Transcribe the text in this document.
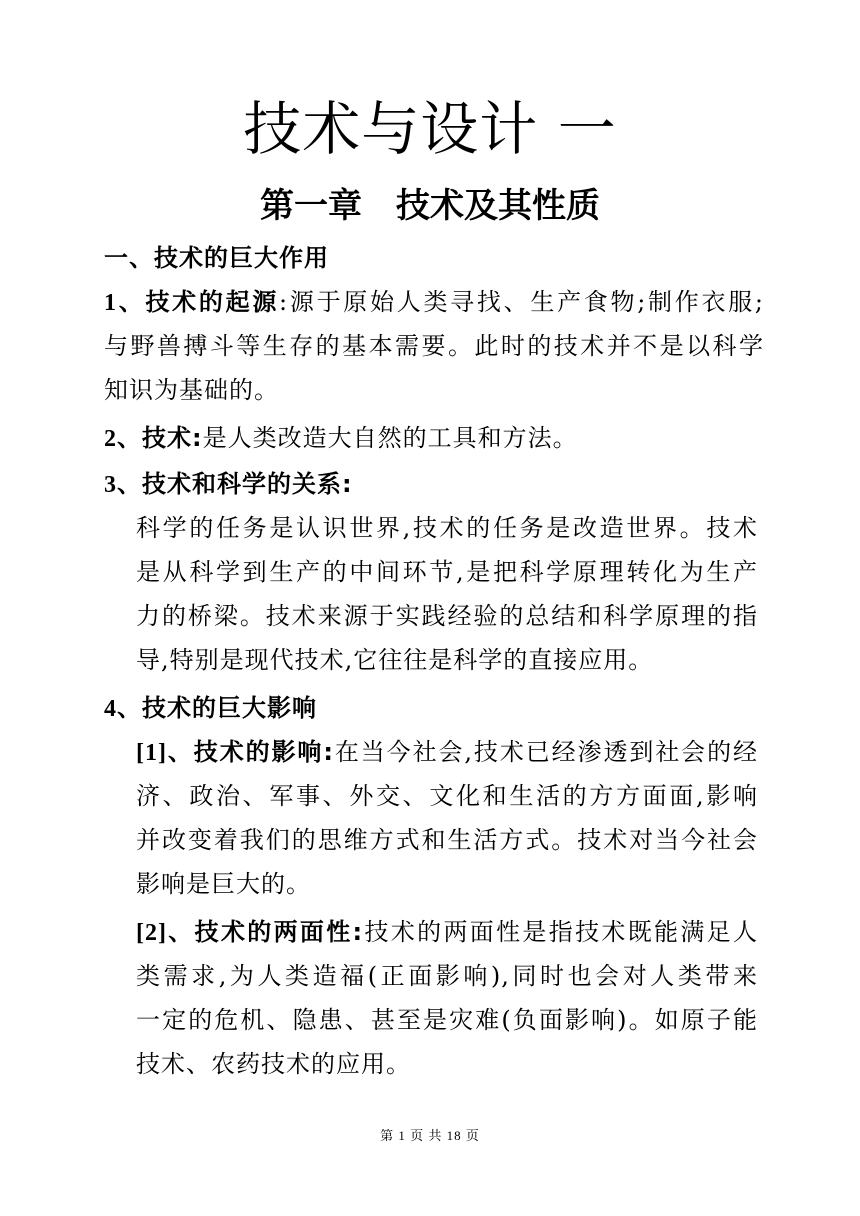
技术与设计 一
第一章　技术及其性质
一、技术的巨大作用
1、技术的起源:源于原始人类寻找、生产食物;制作衣服;
与野兽搏斗等生存的基本需要。此时的技术并不是以科学
知识为基础的。
2、技术:是人类改造大自然的工具和方法。
3、技术和科学的关系:
科学的任务是认识世界,技术的任务是改造世界。技术
是从科学到生产的中间环节,是把科学原理转化为生产
力的桥梁。技术来源于实践经验的总结和科学原理的指
导,特别是现代技术,它往往是科学的直接应用。
4、技术的巨大影响
[1]、技术的影响:在当今社会,技术已经渗透到社会的经
济、政治、军事、外交、文化和生活的方方面面,影响
并改变着我们的思维方式和生活方式。技术对当今社会
影响是巨大的。
[2]、技术的两面性:技术的两面性是指技术既能满足人
类需求,为人类造福(正面影响),同时也会对人类带来
一定的危机、隐患、甚至是灾难(负面影响)。如原子能
技术、农药技术的应用。
第 1 页 共 18 页
